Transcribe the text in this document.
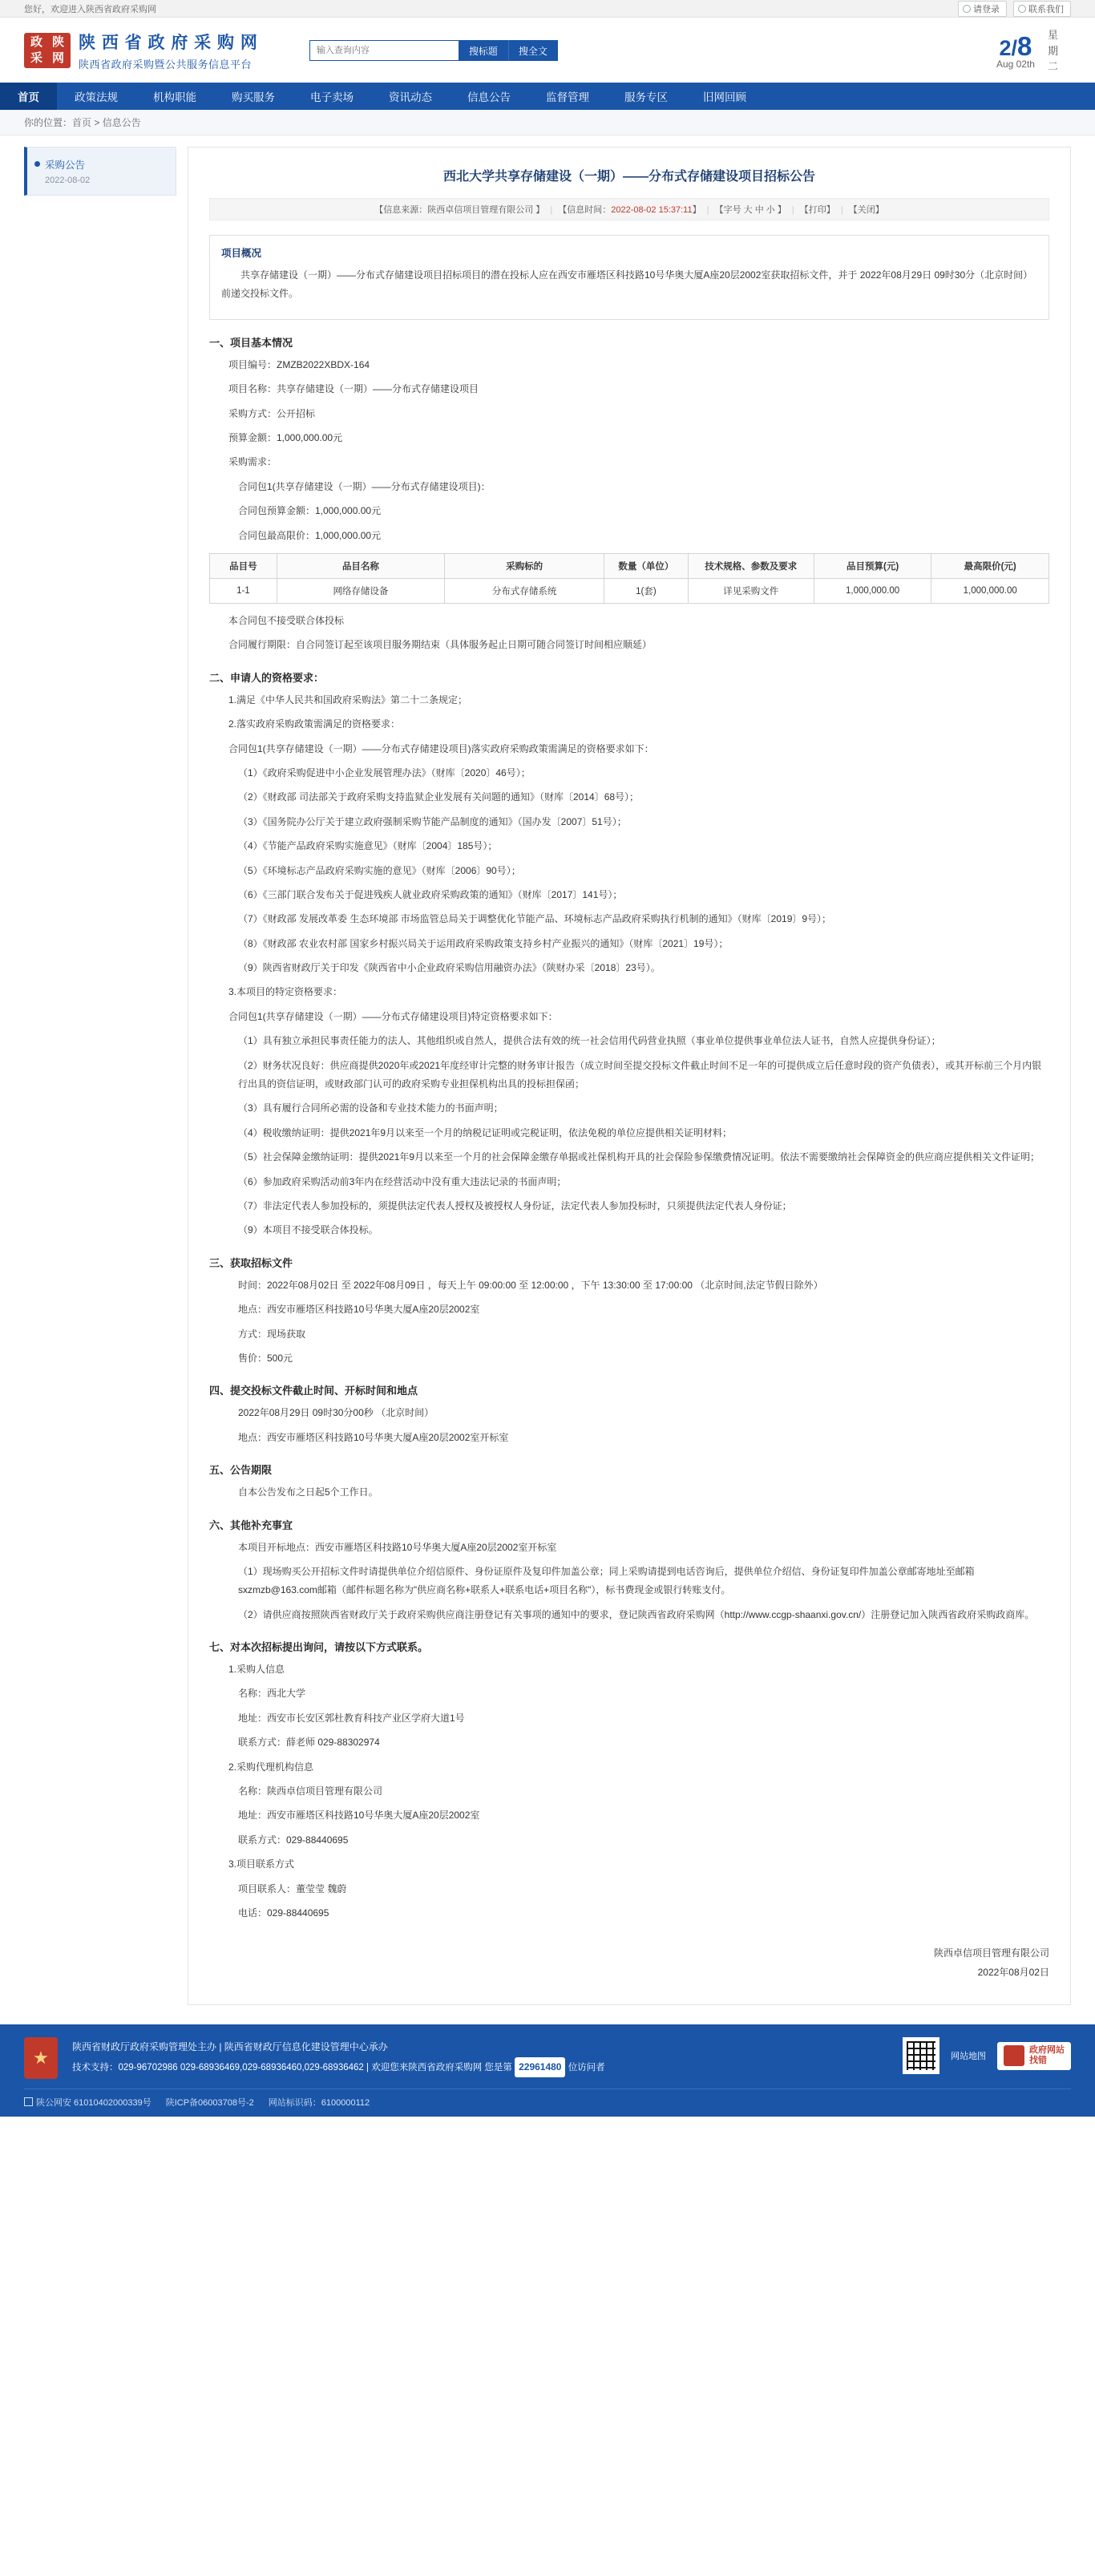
您好，欢迎进入陕西省政府采购网	请登录	联系我们
政 陕
采 网
陕 西 省 政 府 采 购 网
陕西省政府采购暨公共服务信息平台
输入查询内容
搜标题	搜全文	2/8
Aug 02th
星
期
二
首页	政策法规	机构职能	购买服务	电子卖场	资讯动态	信息公告	监督管理	服务专区	旧网回顾
你的位置：首页 > 信息公告
采购公告
2022-08-02	西北大学共享存储建设（一期）——分布式存储建设项目招标公告
【信息来源：陕西卓信项目管理有限公司 】 | 【信息时间：2022-08-02 15:37:11】 | 【字号 大 中 小 】 | 【打印】 | 【关闭】
项目概况

共享存储建设（一期）——分布式存储建设项目招标项目的潜在投标人应在西安市雁塔区科技路10号华奥大厦A座20层2002室获取招标文件，并于 2022年08月29日 09时30分（北京时间）前递交投标文件。

一、项目基本情况

项目编号：ZMZB2022XBDX-164

项目名称：共享存储建设（一期）——分布式存储建设项目

采购方式：公开招标

预算金额：1,000,000.00元

采购需求：

合同包1(共享存储建设（一期）——分布式存储建设项目)：

合同包预算金额：1,000,000.00元

合同包最高限价：1,000,000.00元

品目号	品目名称	采购标的	数量（单位）	技术规格、参数及要求	品目预算(元)	最高限价(元)
1-1	网络存储设备	分布式存储系统	1(套)	详见采购文件	1,000,000.00	1,000,000.00

本合同包不接受联合体投标

合同履行期限：自合同签订起至该项目服务期结束（具体服务起止日期可随合同签订时间相应顺延）

二、申请人的资格要求：

1.满足《中华人民共和国政府采购法》第二十二条规定；

2.落实政府采购政策需满足的资格要求：

合同包1(共享存储建设（一期）——分布式存储建设项目)落实政府采购政策需满足的资格要求如下：

（1）《政府采购促进中小企业发展管理办法》（财库〔2020〕46号）；

（2）《财政部 司法部关于政府采购支持监狱企业发展有关问题的通知》（财库〔2014〕68号）；

（3）《国务院办公厅关于建立政府强制采购节能产品制度的通知》（国办发〔2007〕51号）；

（4）《节能产品政府采购实施意见》（财库〔2004〕185号）；

（5）《环境标志产品政府采购实施的意见》（财库〔2006〕90号）；

（6）《三部门联合发布关于促进残疾人就业政府采购政策的通知》（财库〔2017〕141号）；

（7）《财政部 发展改革委 生态环境部 市场监管总局关于调整优化节能产品、环境标志产品政府采购执行机制的通知》（财库〔2019〕9号）；

（8）《财政部 农业农村部 国家乡村振兴局关于运用政府采购政策支持乡村产业振兴的通知》（财库〔2021〕19号）；

（9）陕西省财政厅关于印发《陕西省中小企业政府采购信用融资办法》（陕财办采〔2018〕23号）。

3.本项目的特定资格要求：

合同包1(共享存储建设（一期）——分布式存储建设项目)特定资格要求如下：

（1）具有独立承担民事责任能力的法人、其他组织或自然人，提供合法有效的统一社会信用代码营业执照（事业单位提供事业单位法人证书，自然人应提供身份证）；

（2）财务状况良好：供应商提供2020年或2021年度经审计完整的财务审计报告（成立时间至提交投标文件截止时间不足一年的可提供成立后任意时段的资产负债表），或其开标前三个月内银行出具的资信证明，或财政部门认可的政府采购专业担保机构出具的投标担保函；

（3）具有履行合同所必需的设备和专业技术能力的书面声明；

（4）税收缴纳证明：提供2021年9月以来至一个月的纳税记证明或完税证明，依法免税的单位应提供相关证明材料；

（5）社会保障金缴纳证明：提供2021年9月以来至一个月的社会保障金缴存单据或社保机构开具的社会保险参保缴费情况证明。依法不需要缴纳社会保障资金的供应商应提供相关文件证明；

（6）参加政府采购活动前3年内在经营活动中没有重大违法记录的书面声明；

（7）非法定代表人参加投标的，须提供法定代表人授权及被授权人身份证，法定代表人参加投标时，只须提供法定代表人身份证；

（9）本项目不接受联合体投标。

三、获取招标文件

时间：2022年08月02日 至 2022年08月09日 ，每天上午 09:00:00 至 12:00:00 ，下午 13:30:00 至 17:00:00 （北京时间,法定节假日除外）

地点：西安市雁塔区科技路10号华奥大厦A座20层2002室

方式：现场获取

售价：500元

四、提交投标文件截止时间、开标时间和地点

2022年08月29日 09时30分00秒 （北京时间）

地点：西安市雁塔区科技路10号华奥大厦A座20层2002室开标室

五、公告期限

自本公告发布之日起5个工作日。

六、其他补充事宜

本项目开标地点：西安市雁塔区科技路10号华奥大厦A座20层2002室开标室

（1）现场购买公开招标文件时请提供单位介绍信原件、身份证原件及复印件加盖公章；同上采购请提到电话咨询后，提供单位介绍信、身份证复印件加盖公章邮寄地址至邮箱sxzmzb@163.com邮箱（邮件标题名称为"供应商名称+联系人+联系电话+项目名称"），标书费现金或银行转账支付。

（2）请供应商按照陕西省财政厅关于政府采购供应商注册登记有关事项的通知中的要求，登记陕西省政府采购网（http://www.ccgp-shaanxi.gov.cn/）注册登记加入陕西省政府采购政商库。

七、对本次招标提出询问，请按以下方式联系。

1.采购人信息

名称：西北大学

地址：西安市长安区郭杜教育科技产业区学府大道1号

联系方式：薛老师 029-88302974

2.采购代理机构信息

名称：陕西卓信项目管理有限公司

地址：西安市雁塔区科技路10号华奥大厦A座20层2002室

联系方式：029-88440695

3.项目联系方式

项目联系人：董莹莹 魏蔚

电话：029-88440695

陕西卓信项目管理有限公司
2022年08月02日
★
陕西省财政厅政府采购管理处主办 | 陕西省财政厅信息化建设管理中心承办
技术支持：029-96702986 029-68936469,029-68936460,029-68936462 | 欢迎您来陕西省政府采购网 您是第 22961480 位访问者
网站地图
政府网站
找错
陕公网安 61010402000339号 陕ICP备06003708号-2 网站标识码：6100000112
